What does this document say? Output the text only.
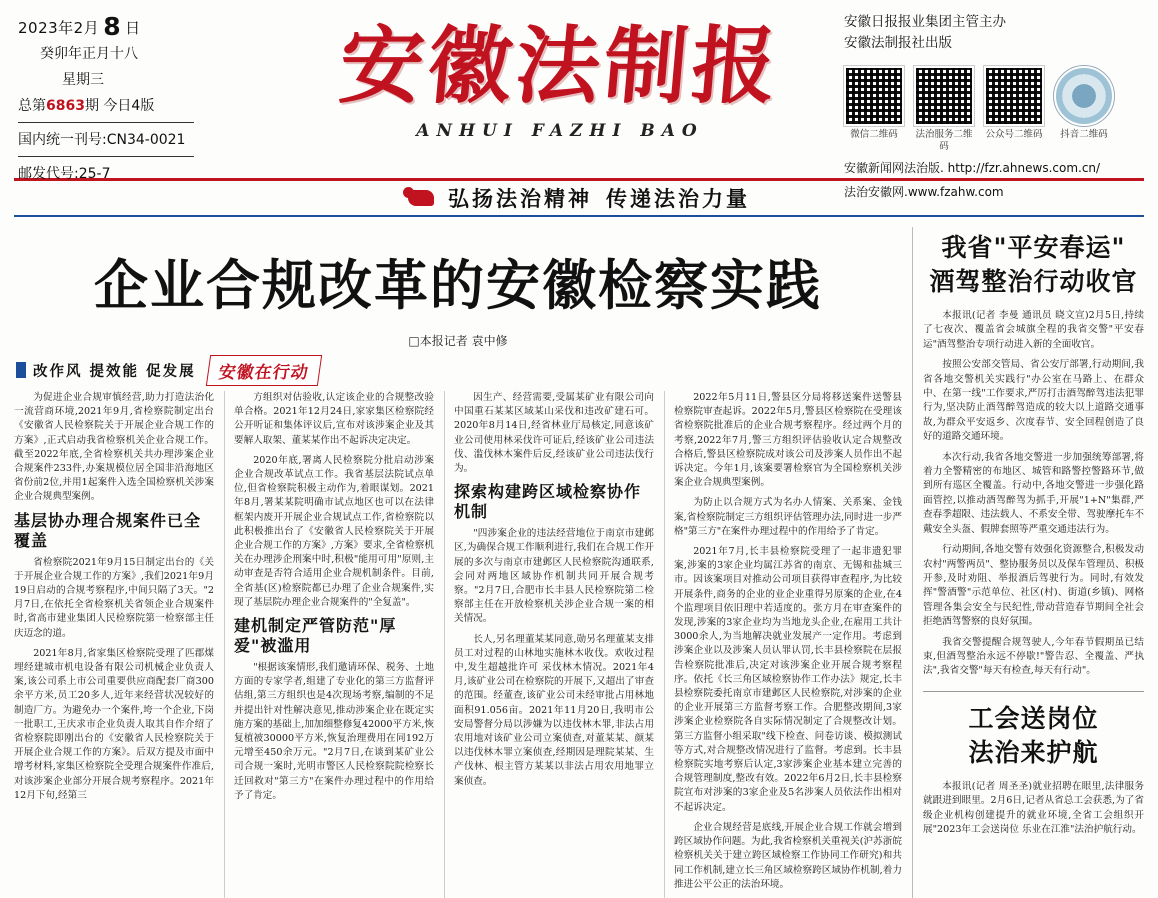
2023年2月 8 日
癸卯年正月十八
星期三
总第6863期 今日4版
国内统一刊号:CN34-0021
邮发代号:25-7
安徽法制报
ANHUI FAZHI BAO
安徽日报报业集团主管主办
安徽法制报社出版
微信二维码	法治服务二维码
公众号二维码	抖音二维码
安徽新闻网法治版. http://fzr.ahnews.com.cn/
法治安徽网.www.fzahw.com
弘扬法治精神 传递法治力量
企业合规改革的安徽检察实践
□本报记者 袁中修
改作风 提效能 促发展	安徽在行动

为促进企业合规审慎经营,助力打造法治化一流营商环境,2021年9月,省检察院制定出台《安徽省人民检察院关于开展企业合规工作的方案》,正式启动我省检察机关企业合规工作。截至2022年底,全省检察机关共办理涉案企业合规案件233件,办案规模位居全国非沿海地区省份前2位,并用1起案件入选全国检察机关涉案企业合规典型案例。

基层协办理合规案件已全覆盖

省检察院2021年9月15日制定出台的《关于开展企业合规工作的方案》,我们2021年9月19日启动的合规考察程序,中间只隔了3天。"2月7日,在依托全省检察机关省领企业合规案件时,省高市建业集团人民检察院第一检察部主任庆迈念的道。

2021年8月,省家集区检察院受理了匹郡煤埋经建城市机电设备有限公司机械企业负责人案,该公司系上市公司重要供应商配套厂商300余平方米,员工20多人,近年来经营状况较好的制造厂方。为避免办一个案件,垮一个企业,下岗一批职工,王庆求市企业负责人取其自作介绍了省检察院即刚出台的《安徽省人民检察院关于开展企业合规工作的方案》。后双方提及市面中增考材料,家集区检察院全受理合规案件作准后,对该涉案企业部分开展合规考察程序。2021年12月下旬,经第三

方组织对估验收,认定该企业的合规整改验单合格。2021年12月24日,家家集区检察院经公开听证和集体评议后,宣布对该涉案企业及其要解人取架、董某某作出不起诉决定决定。

2020年底,署离人民检察院分批启动涉案企业合规改革试点工作。我省基层法院试点单位,但省检察院积极主动作为,着眼谋划。2021年8月,署某某院明确市试点地区也可以在法律框架内废开开展企业合规试点工作,省检察院以此积极推出台了《安徽省人民检察院关于开展企业合规工作的方案》,方案》要求,全省检察机关在办理涉企刑案中时,积极"能用可用"原则,主动审查是否符合适用企业合规机制条件。目前,全省基(区)检察院都已办理了企业合规案件,实现了基层院办理企业合规案件的"全复盖"。

建机制定严管防范"厚爱"被滥用

"根据该案情形,我们邀请环保、税务、土地方面的专家学者,组建了专业化的第三方监督评估组,第三方组织也是4次现场考察,编制的不足并提出针对性解决意见,推动涉案企业在既定实施方案的基础上,加加细整修复42000平方米,恢复植被30000平方米,恢复治理费用在同192万元增至450余万元。"2月7日,在谈到某矿业公司合规一案时,光明市警区人民检察院院检察长迁回救对"第三方"在案件办理过程中的作用给予了肯定。

因生产、经营需要,受属某矿业有限公司向中国重石某某区域某山采伐和违改矿建石可。2020年8月14日,经省林业厅局核定,同意该矿业公司使用林采伐许可证后,经该矿业公司违法伐、滥伐林木案件后反,经该矿业公司违法伐行为。

探索构建跨区域检察协作机制

"四涉案企业的违法经营地位于南京市建邺区,为确保合规工作顺利进行,我们在合规工作开展的多次与南京市建邺区人民检察院沟通联系,会同对两地区域协作机制共同开展合规考察。"2月7日,合肥市长丰县人民检察院第二检察部主任在开放检察机关涉企业合规一案的相关情况。

长人,另名理董某某同意,勋另名理董某支排员工对过程的山林地实施林木收伐。欢收过程中,发生超越批许可 采伐林木情况。2021年4月,该矿业公司在检察院的开展下,又超出了审查的范围。经董查,该矿业公司未经审批占用林地面积91.056亩。2021年11月20日,我明市公安局警督分局以涉嫌为以违伐林木罪,非法占用农用地对该矿业公司立案侦查,对董某某、颜某以违伐林木罪立案侦查,经期因是理院某某、生产伐林、根主管方某某以非法占用农用地罪立案侦查。

2022年5月11日,警县区分局将移送案件送警县检察院审查起诉。2022年5月,警县区检察院在受理该省检察院批准后的企业合规考察程序。经过两个月的考察,2022年7月,警三方组织评估验收认定合规整改合格后,警县区检察院成对该公司及涉案人员作出不起诉决定。今年1月,该案要署检察官为全国检察机关涉案企业合规典型案例。

为防止以合规方式为名办人情案、关系案、金钱案,省检察院制定三方组织评估管理办法,同时进一步严格"第三方"在案件办理过程中的作用给予了肯定。

2021年7月,长丰县检察院受理了一起非遗犯罪案,涉案的3家企业均属江苏省的南京、无锡和盐城三市。因该案项目对推动公司项目获得审查程序,为比较开展条件,商务的企业的业企业重得另原案的企业,在4个监理项目依旧理中若适度的。张方月在审查案件的发现,涉案的3家企业均为当地龙头企业,在雇用工共计3000余人,为当地解决就业发展产一定作用。考虑到涉案企业以及涉案人员认罪认罚,长丰县检察院在层报告检察院批准后,决定对该涉案企业开展合规考察程序。依托《长三角区域检察协作工作办法》规定,长丰县检察院委托南京市建邺区人民检察院,对涉案的企业的企业开展第三方监督考察工作。合肥整改期间,3家涉案企业检察院各自实际情况制定了合规整改计划。第三方监督小组采取"线下检查、问卷访谈、模拟测试等方式,对合规整改情况进行了监督。考虑到。长丰县检察院实地考察后认定,3家涉案企业基本建立完善的合规管理制度,整改有效。2022年6月2日,长丰县检察院宣布对涉案的3家企业及5名涉案人员依法作出相对不起诉决定。

企业合规经营是底线,开展企业合规工作就会增到跨区域协作问题。为此,我省检察机关重视关(沪苏浙皖检察机关关于建立跨区域检察工作协同工作研究)和共同工作机制,建立长三角区域检察跨区域协作机制,着力推进公平公正的法治环境。

我省"平安春运"
酒驾整治行动收官

本报讯(记者 李曼 通讯员 晓文宣)2月5日,持续了七夜次、覆盖省会城旗全程的我省交警"平安春运"酒驾整治专项行动进入新的全面收官。

按照公安部交管局、省公安厅部署,行动期间,我省各地交警机关实践行"办公室在马路上、在群众中、在第一线"工作要求,严厉打击酒驾醉驾违法犯罪行为,坚决防止酒驾醉驾造成的较大以上道路交通事故,为群众平安返乡、次度春节、安全回程创造了良好的道路交通环境。

本次行动,我省各地交警进一步加强统筹部署,将着力全警精密的布地区、城管和路警控警路环节,做到所有巡区全覆盖。行动中,各地交警进一步强化路面管控,以推动酒驾醉驾为抓手,开展"1+N"集群,严查春季超限、违法载人、不系安全带、驾驶摩托车不戴安全头盔、假牌套照等严重交通违法行为。

行动期间,各地交警有效强化资源整合,积极发动农村"两警两员"、整协服务员以及保车管理员、积极开参,及时劝阻、举报酒后驾驶行为。同时,有效发挥"警酒警"示范单位、社区(村)、街道(乡镇)、网格管理各集会安全与民纪性,带动营造春节期间全社会拒绝酒驾警察的良好氛围。

我省交警提醒合规驾驶人,今年春节假期虽已结束,但酒驾整治永远不停歇!"警告忍、全覆盖、严执法",我省交警"每天有检查,每天有行动"。

工会送岗位
法治来护航

本报讯(记者 周圣圣)就业招聘在眼里,法律服务就跟进到眼里。2月6日,记者从省总工会获悉,为了省级企业机构创建提升的就业环境,全省工会组织开展"2023年工会送岗位 乐业在江淮"法治护航行动。
